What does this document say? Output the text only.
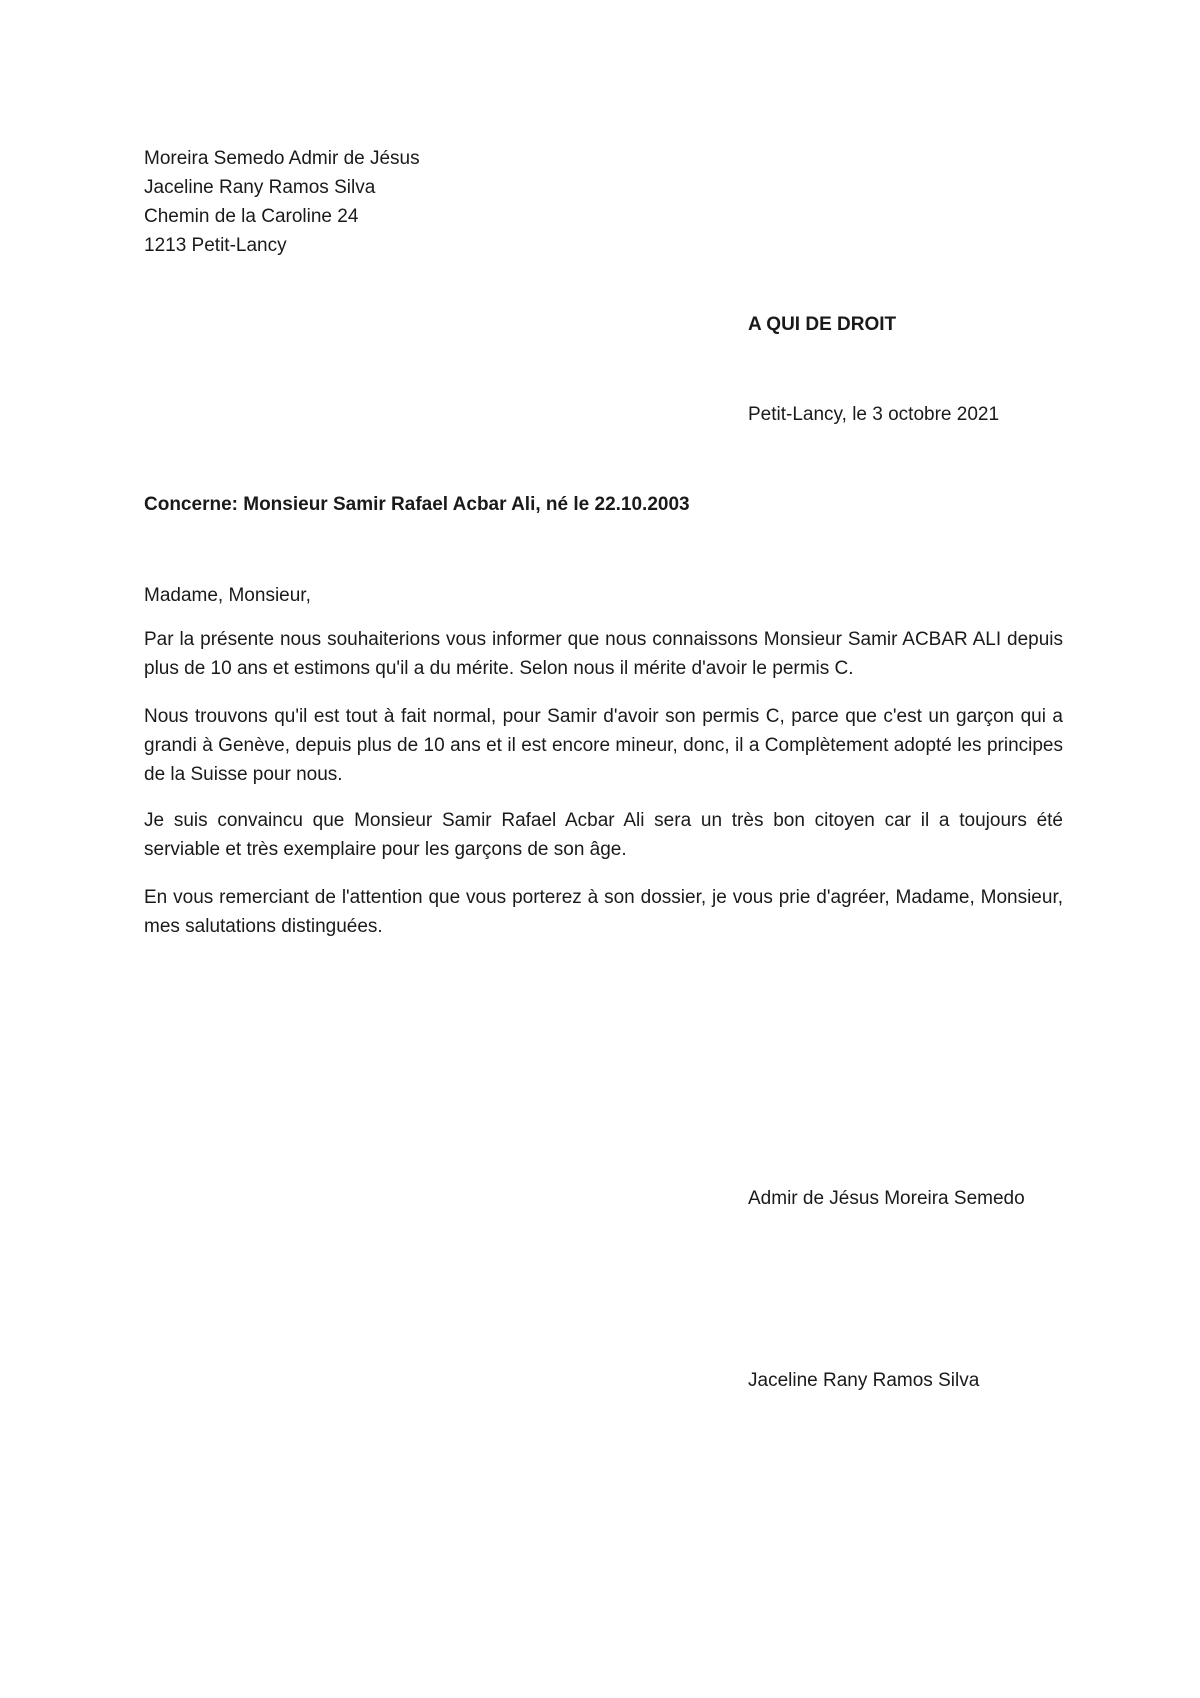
Moreira Semedo Admir de Jésus
Jaceline Rany Ramos Silva
Chemin de la Caroline 24
1213 Petit-Lancy
A QUI DE DROIT
Petit-Lancy, le 3 octobre 2021
Concerne: Monsieur Samir Rafael Acbar Ali, né le 22.10.2003
Madame, Monsieur,
Par la présente nous souhaiterions vous informer que nous connaissons Monsieur Samir ACBAR ALI depuis plus de 10 ans et estimons qu'il a du mérite. Selon nous il mérite d'avoir le permis C.
Nous trouvons qu'il est tout à fait normal, pour Samir d'avoir son permis C, parce que c'est un garçon qui a grandi à Genève, depuis plus de 10 ans et il est encore mineur, donc, il a Complètement adopté les principes de la Suisse pour nous.
Je suis convaincu que Monsieur Samir Rafael Acbar Ali sera un très bon citoyen car il a toujours été serviable et très exemplaire pour les garçons de son âge.
En vous remerciant de l'attention que vous porterez à son dossier, je vous prie d'agréer, Madame, Monsieur, mes salutations distinguées.
Admir de Jésus Moreira Semedo
Jaceline Rany Ramos Silva
